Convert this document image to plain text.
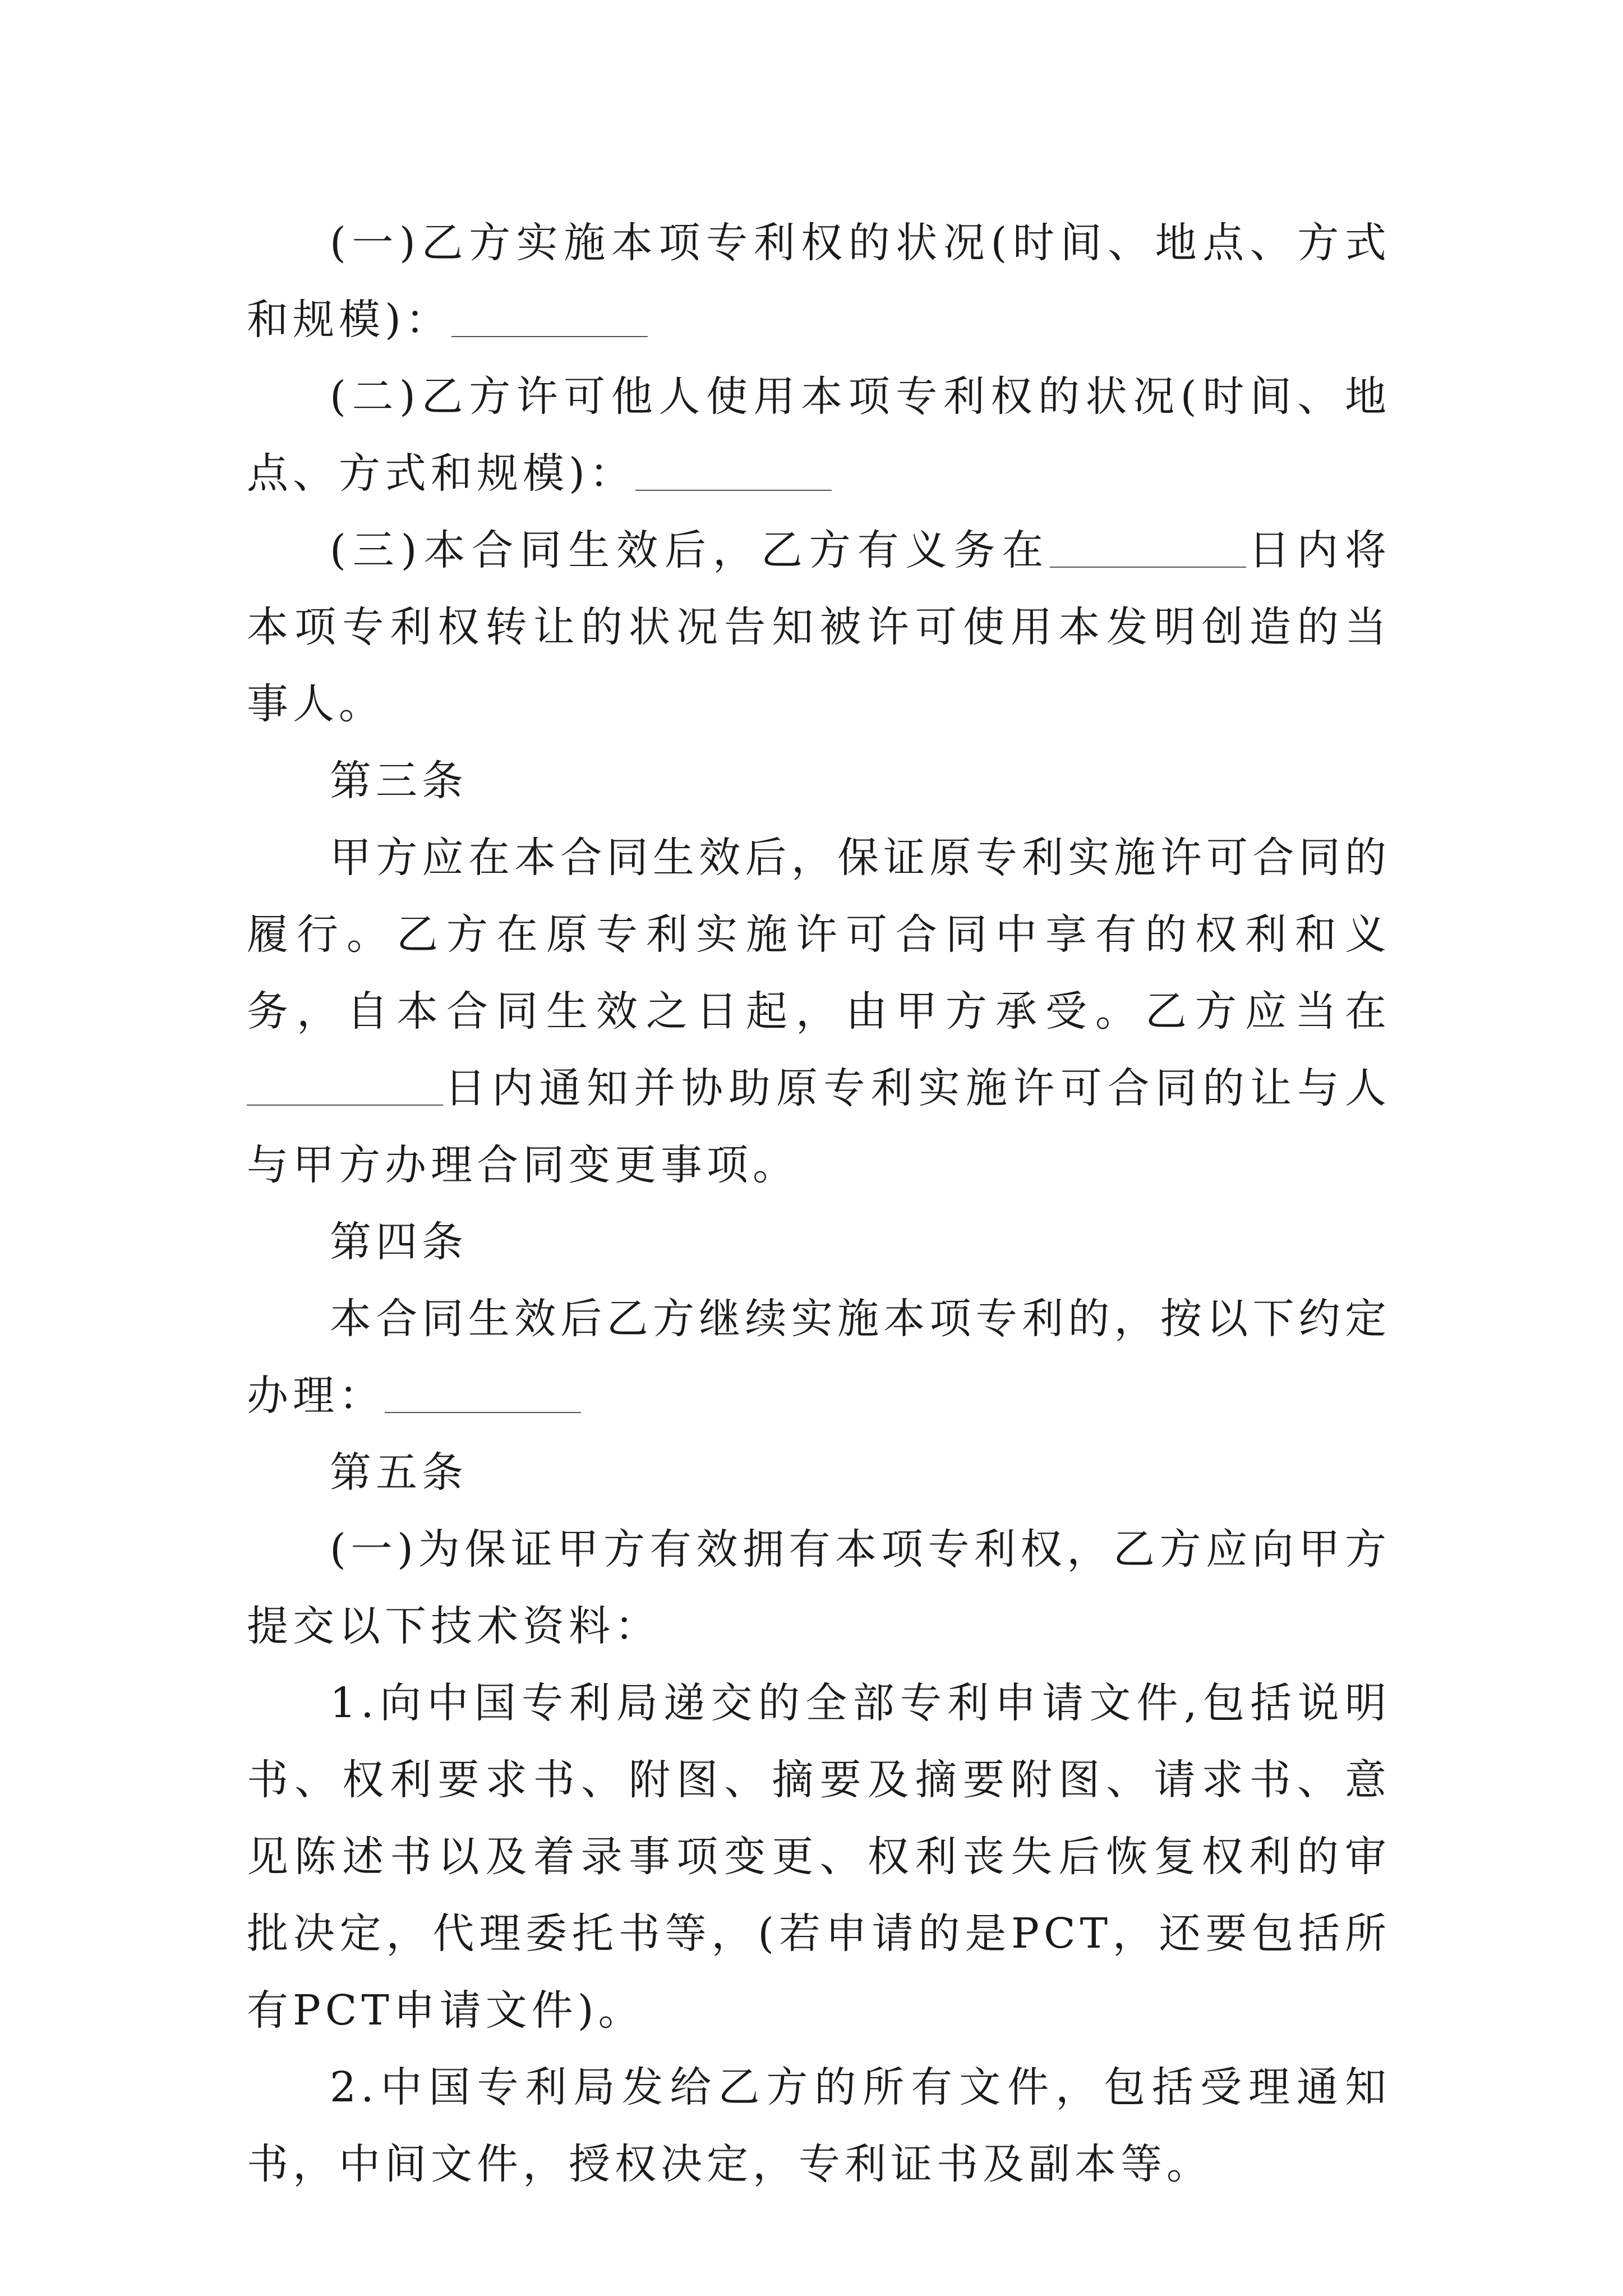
(一)乙方实施本项专利权的状况(时间、地点、方式和规模)：

(二)乙方许可他人使用本项专利权的状况(时间、地点、方式和规模)：

(三)本合同生效后，乙方有义务在	日内将本项专利权转让的状况告知被许可使用本发明创造的当事人。

第三条

甲方应在本合同生效后，保证原专利实施许可合同的履行。乙方在原专利实施许可合同中享有的权利和义务，自本合同生效之日起，由甲方承受。乙方应当在日内通知并协助原专利实施许可合同的让与人与甲方办理合同变更事项。

第四条

本合同生效后乙方继续实施本项专利的，按以下约定办理：

第五条

(一)为保证甲方有效拥有本项专利权，乙方应向甲方提交以下技术资料：

1.向中国专利局递交的全部专利申请文件,包括说明书、权利要求书、附图、摘要及摘要附图、请求书、意见陈述书以及着录事项变更、权利丧失后恢复权利的审批决定，代理委托书等，(若申请的是PCT，还要包括所有PCT申请文件)。

2.中国专利局发给乙方的所有文件，包括受理通知书，中间文件，授权决定，专利证书及副本等。
